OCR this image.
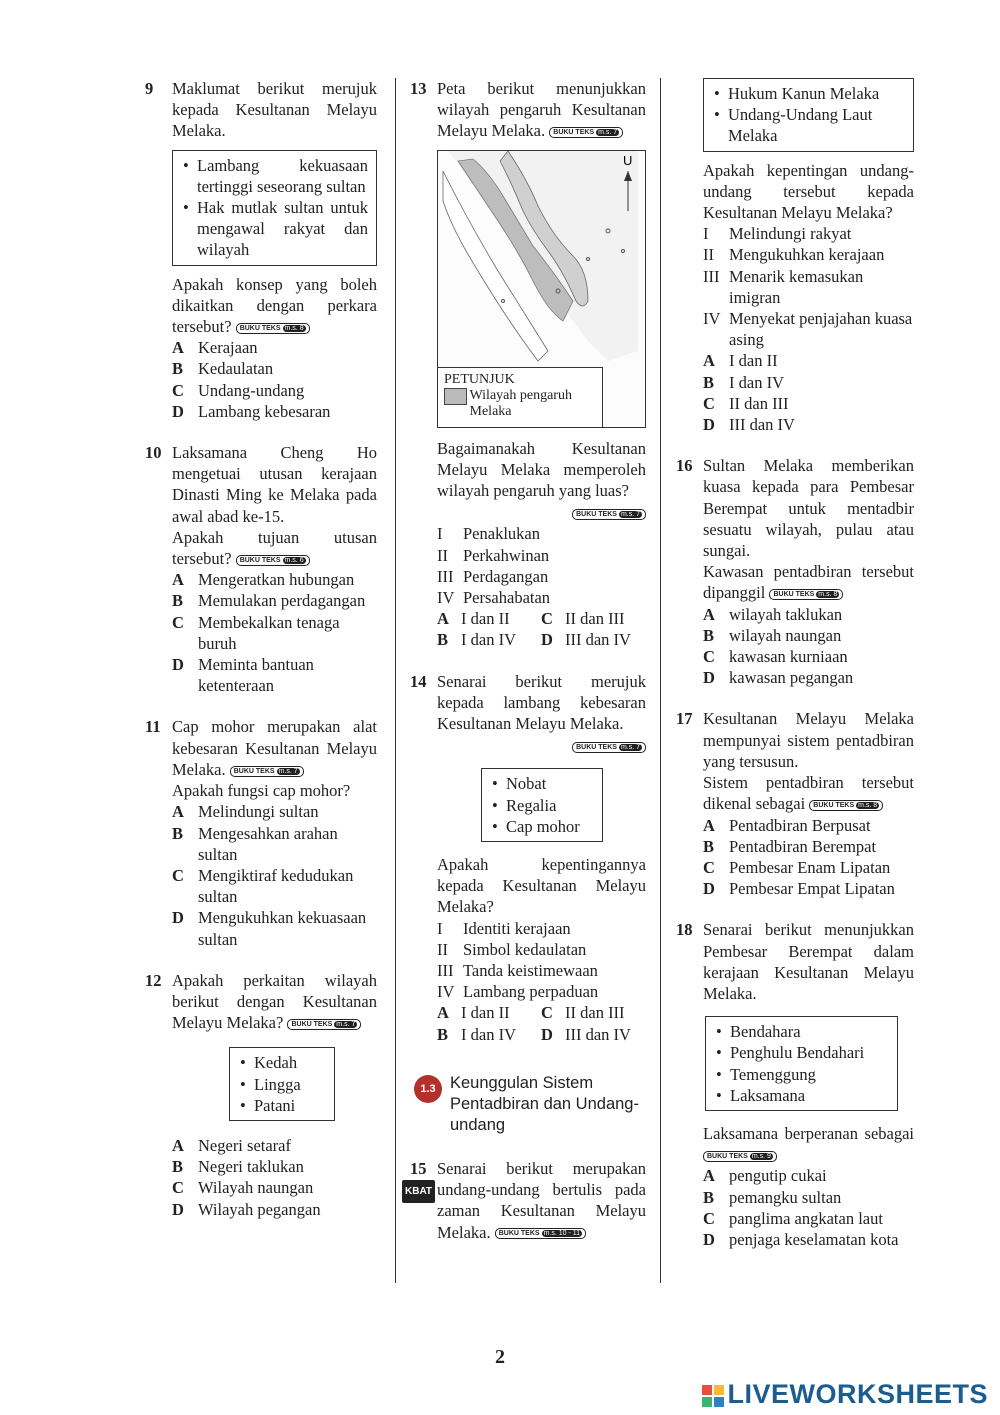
9 Maklumat berikut merujuk kepada Kesultanan Melayu Melaka.
• Lambang kekuasaan tertinggi seseorang sultan
• Hak mutlak sultan untuk mengawal rakyat dan wilayah
Apakah konsep yang boleh dikaitkan dengan perkara tersebut? BUKU TEKS m.s. 8
A Kerajaan
B Kedaulatan
C Undang-undang
D Lambang kebesaran
10 Laksamana Cheng Ho mengetuai utusan kerajaan Dinasti Ming ke Melaka pada awal abad ke-15.
Apakah tujuan utusan tersebut? BUKU TEKS m.s. 6
A Mengeratkan hubungan
B Memulakan perdagangan
C Membekalkan tenaga buruh
D Meminta bantuan ketenteraan
11 Cap mohor merupakan alat kebesaran Kesultanan Melayu Melaka. BUKU TEKS m.s. 7
Apakah fungsi cap mohor?
A Melindungi sultan
B Mengesahkan arahan sultan
C Mengiktiraf kedudukan sultan
D Mengukuhkan kekuasaan sultan
12 Apakah perkaitan wilayah berikut dengan Kesultanan Melayu Melaka? BUKU TEKS m.s. 7
• Kedah
• Lingga
• Patani
A Negeri setaraf
B Negeri taklukan
C Wilayah naungan
D Wilayah pegangan
13 Peta berikut menunjukkan wilayah pengaruh Kesultanan Melayu Melaka. BUKU TEKS m.s. 7
U
PETUNJUK
Wilayah pengaruh Melaka
Bagaimanakah Kesultanan Melayu Melaka memperoleh wilayah pengaruh yang luas?
BUKU TEKS m.s. 7
I Penaklukan
II Perkahwinan
III Perdagangan
IV Persahabatan
A I dan II	C II dan III
B I dan IV	D III dan IV
14 Senarai berikut merujuk kepada lambang kebesaran Kesultanan Melayu Melaka.
BUKU TEKS m.s. 7
• Nobat
• Regalia
• Cap mohor
Apakah kepentingannya kepada Kesultanan Melayu Melaka?
I Identiti kerajaan
II Simbol kedaulatan
III Tanda keistimewaan
IV Lambang perpaduan
A I dan II	C II dan III
B I dan IV	D III dan IV
1.3 Keunggulan Sistem Pentadbiran dan Undang-undang
15
KBAT
Senarai berikut merupakan undang-undang bertulis pada zaman Kesultanan Melayu Melaka. BUKU TEKS m.s. 10 - 11
• Hukum Kanun Melaka
• Undang-Undang Laut Melaka
Apakah kepentingan undang-undang tersebut kepada Kesultanan Melayu Melaka?
I Melindungi rakyat
II Mengukuhkan kerajaan
III Menarik kemasukan imigran
IV Menyekat penjajahan kuasa asing
A I dan II
B I dan IV
C II dan III
D III dan IV
16 Sultan Melaka memberikan kuasa kepada para Pembesar Berempat untuk mentadbir sesuatu wilayah, pulau atau sungai.
Kawasan pentadbiran tersebut dipanggil BUKU TEKS m.s. 8
A wilayah taklukan
B wilayah naungan
C kawasan kurniaan
D kawasan pegangan
17 Kesultanan Melayu Melaka mempunyai sistem pentadbiran yang tersusun.
Sistem pentadbiran tersebut dikenal sebagai BUKU TEKS m.s. 8
A Pentadbiran Berpusat
B Pentadbiran Berempat
C Pembesar Enam Lipatan
D Pembesar Empat Lipatan
18 Senarai berikut menunjukkan Pembesar Berempat dalam kerajaan Kesultanan Melayu Melaka.
• Bendahara
• Penghulu Bendahari
• Temenggung
• Laksamana
Laksamana berperanan sebagai BUKU TEKS m.s. 9
A pengutip cukai
B pemangku sultan
C panglima angkatan laut
D penjaga keselamatan kota
2
LIVEWORKSHEETS
